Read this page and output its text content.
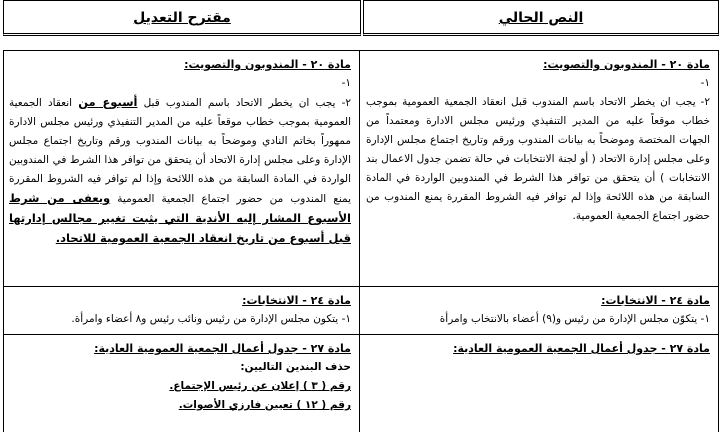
النص الحالي
مقترح التعديل
مادة ٢٠ - المندوبون والتصويت:
١-

٢- يجب ان يخطر الاتحاد باسم المندوب قبل انعقاد الجمعية العمومية بموجب خطاب موقعاً عليه من المدير التنفيذي ورئيس مجلس الادارة ومعتمداً من الجهات المختصة وموضحاً به بيانات المندوب ورقم وتاريخ اجتماع مجلس الإدارة وعلى مجلس إدارة الاتحاد ( أو لجنة الانتخابات في حالة تضمن جدول الاعمال بند الانتخابات ) أن يتحقق من توافر هذا الشرط في المندوبين الواردة في المادة السابقة من هذه اللائحة وإذا لم توافر فيه الشروط المقررة يمنع المندوب من حضور اجتماع الجمعية العمومية.

مادة ٢٤ - الانتخابات:

١- يتكوّن مجلس الإدارة من رئيس و(٩) أعضاء بالانتخاب وامرأة

مادة ٢٧ - جدول أعمال الجمعية العمومية العادية:
مادة ٢٠ - المندوبون والتصويت:
١-

٢- يجب ان يخطر الاتحاد باسم المندوب قبل أسبوع من انعقاد الجمعية العمومية بموجب خطاب موقعاً عليه من المدير التنفيذي ورئيس مجلس الادارة ممهوراً بخاتم النادي وموضحاً به بيانات المندوب ورقم وتاريخ اجتماع مجلس الإدارة وعلى مجلس إدارة الاتحاد أن يتحقق من توافر هذا الشرط في المندوبين الواردة في المادة السابقة من هذه اللائحة وإذا لم توافر فيه الشروط المقررة يمنع المندوب من حضور اجتماع الجمعية العمومية ويعفى من شرط الأسبوع المشار إليه الأندية التي يثبت تغيير مجالس إدارتها قبل أسبوع من تاريخ انعقاد الجمعية العمومية للاتحاد.

مادة ٢٤ - الانتخابات:

١- يتكون مجلس الإدارة من رئيس ونائب رئيس و٨ أعضاء وامرأة.

مادة ٢٧ - جدول أعمال الجمعية العمومية العادية:
حذف البندين التاليين:
رقم ( ٣ ) إعلان عن رئيس الإجتماع.
رقم ( ١٢ ) تعيين فارزي الأصوات.
